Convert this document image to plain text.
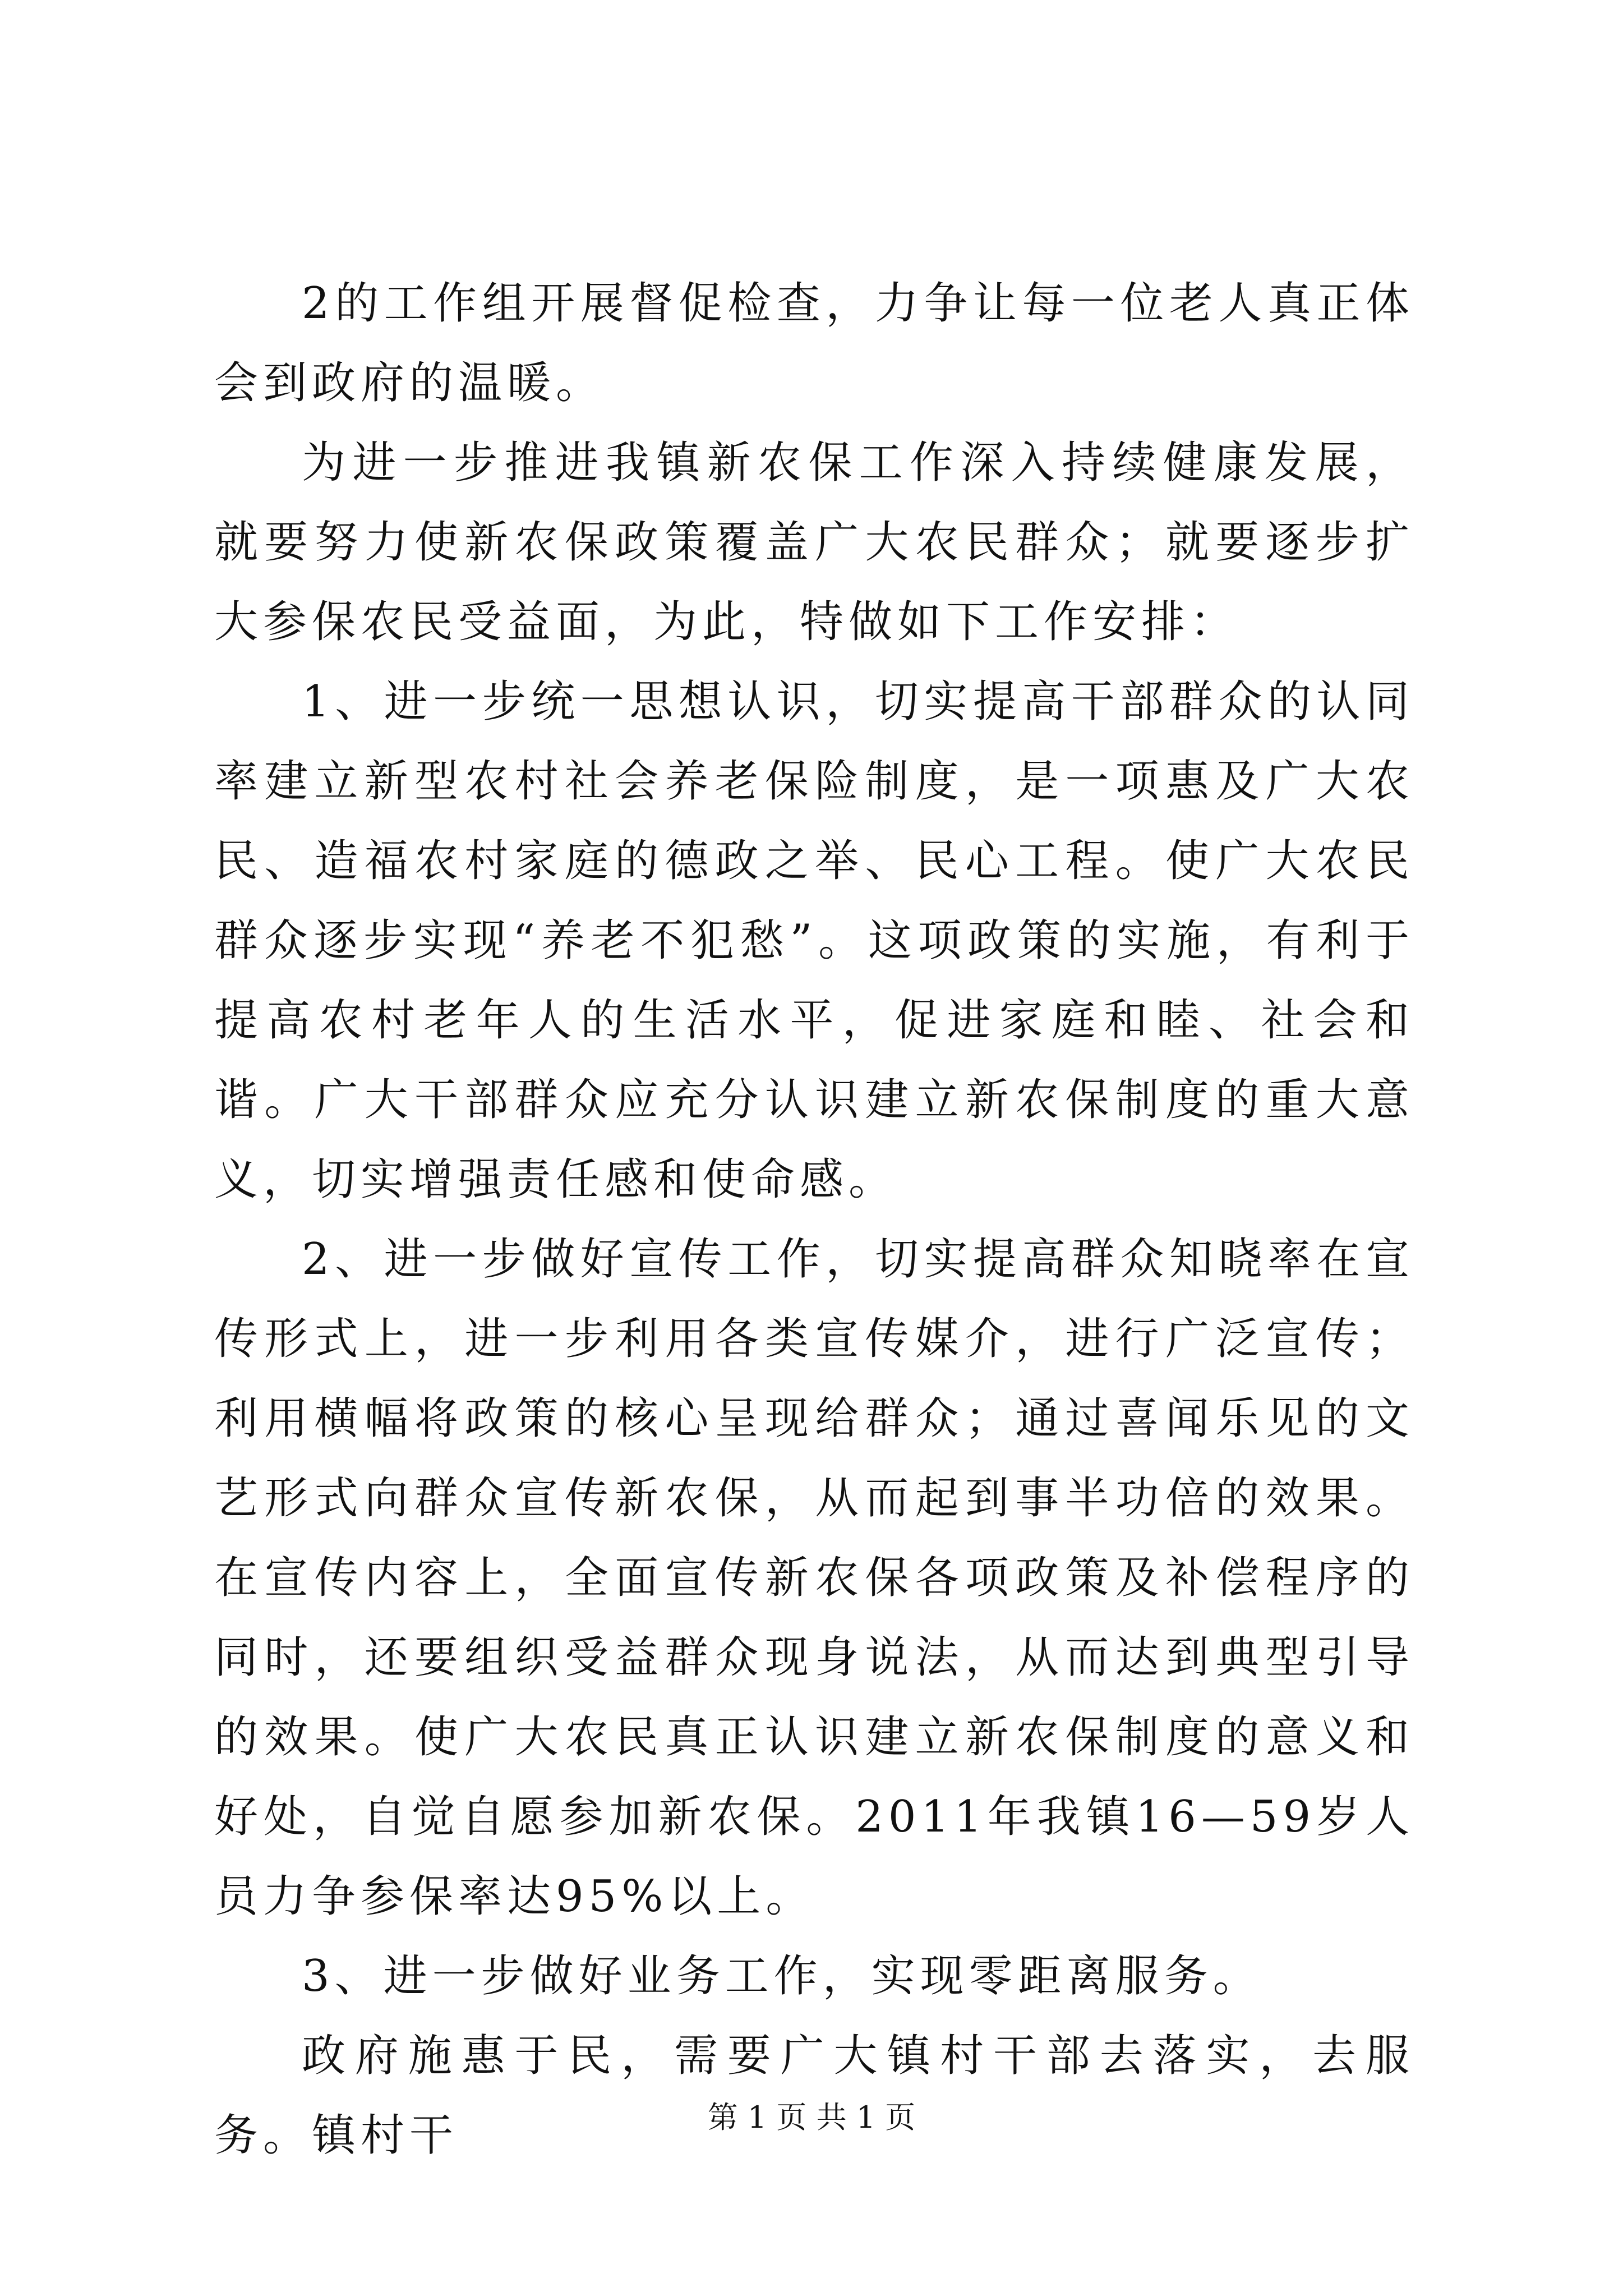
2的工作组开展督促检查，力争让每一位老人真正体会到政府的温暖。

为进一步推进我镇新农保工作深入持续健康发展，就要努力使新农保政策覆盖广大农民群众；就要逐步扩大参保农民受益面，为此，特做如下工作安排：

1、进一步统一思想认识，切实提高干部群众的认同率建立新型农村社会养老保险制度，是一项惠及广大农民、造福农村家庭的德政之举、民心工程。使广大农民群众逐步实现“养老不犯愁”。这项政策的实施，有利于提高农村老年人的生活水平，促进家庭和睦、社会和谐。广大干部群众应充分认识建立新农保制度的重大意义，切实增强责任感和使命感。

2、进一步做好宣传工作，切实提高群众知晓率在宣传形式上，进一步利用各类宣传媒介，进行广泛宣传；利用横幅将政策的核心呈现给群众；通过喜闻乐见的文艺形式向群众宣传新农保，从而起到事半功倍的效果。在宣传内容上，全面宣传新农保各项政策及补偿程序的同时，还要组织受益群众现身说法，从而达到典型引导的效果。使广大农民真正认识建立新农保制度的意义和好处，自觉自愿参加新农保。2011年我镇16—59岁人员力争参保率达95%以上。

3、进一步做好业务工作，实现零距离服务。

政府施惠于民，需要广大镇村干部去落实，去服务。镇村干	第 1 页 共 1 页
